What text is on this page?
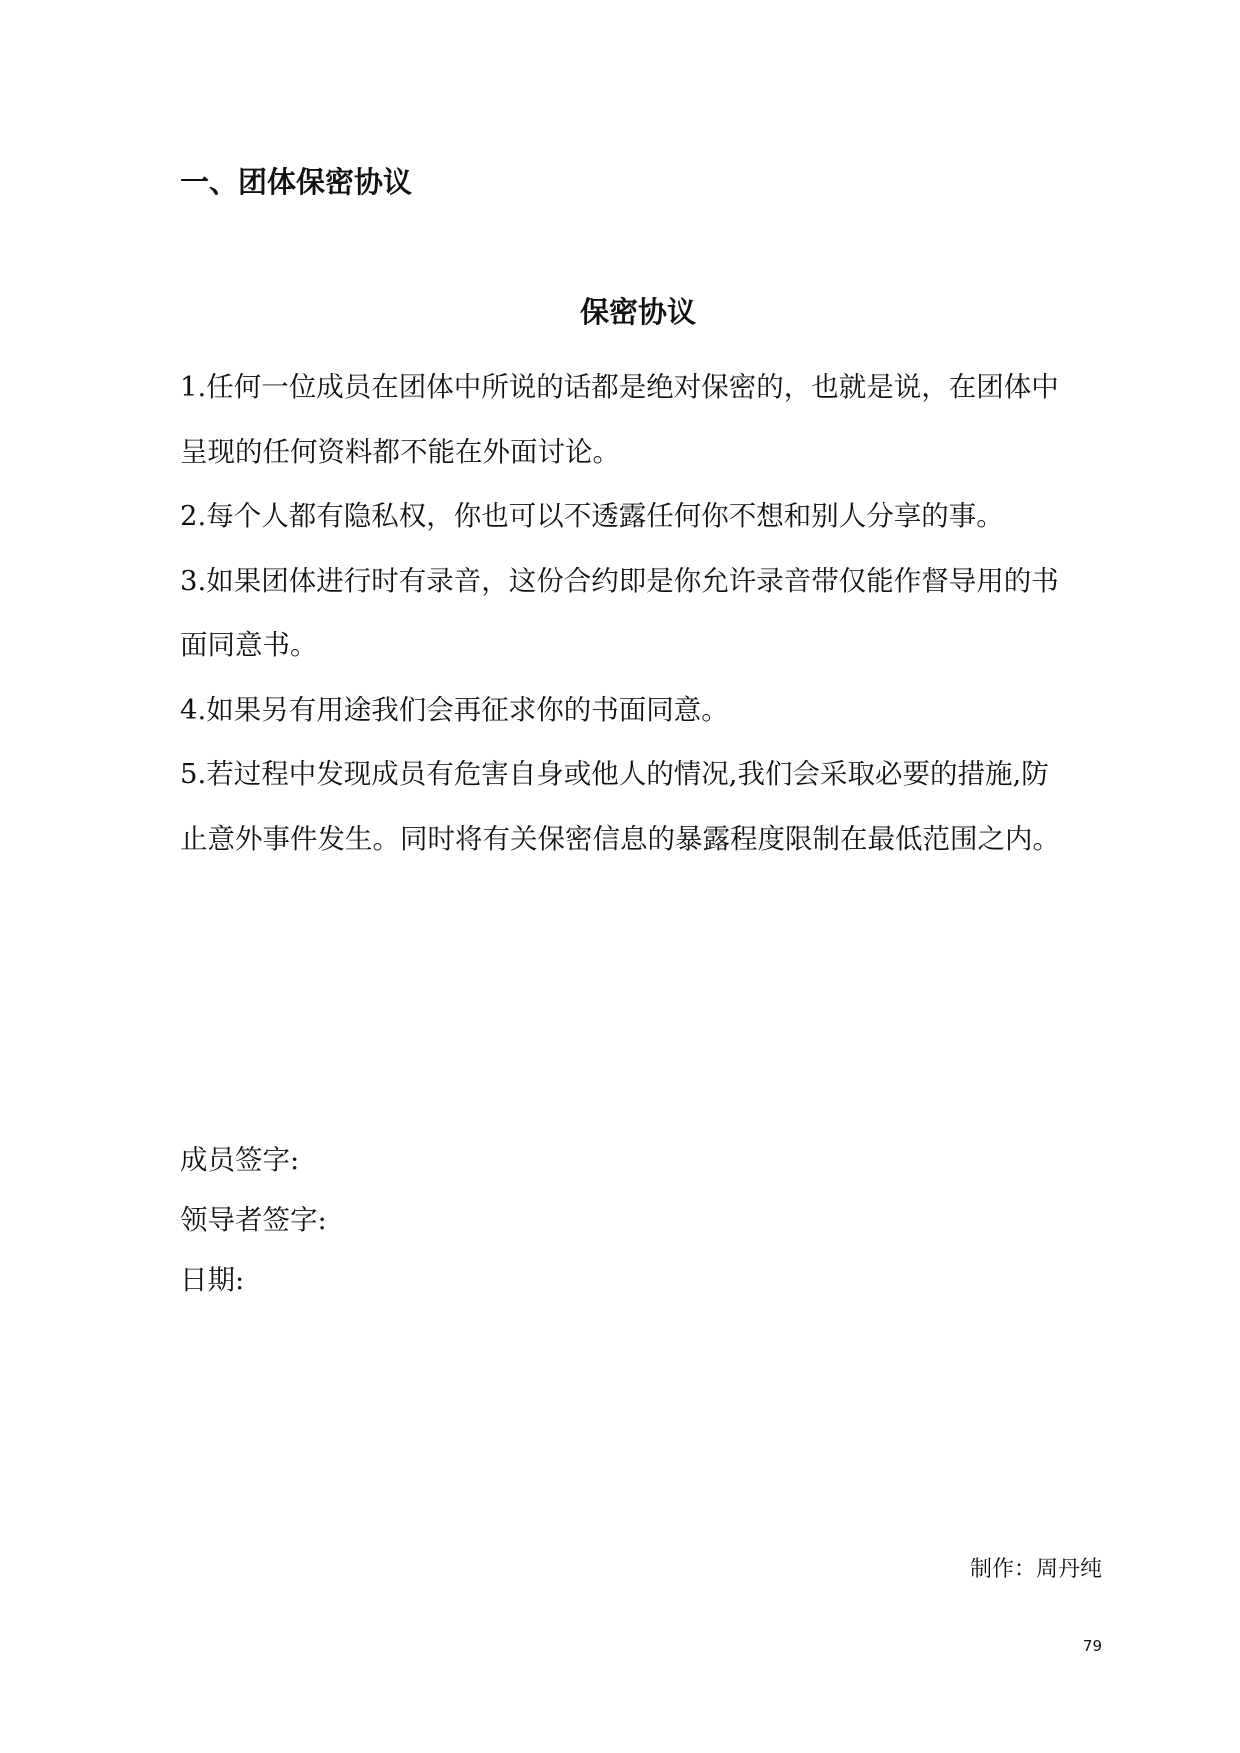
一、团体保密协议
保密协议

1.任何一位成员在团体中所说的话都是绝对保密的，也就是说，在团体中呈现的任何资料都不能在外面讨论。

2.每个人都有隐私权，你也可以不透露任何你不想和别人分享的事。

3.如果团体进行时有录音，这份合约即是你允许录音带仅能作督导用的书面同意书。

4.如果另有用途我们会再征求你的书面同意。

5.若过程中发现成员有危害自身或他人的情况,我们会采取必要的措施,防止意外事件发生。同时将有关保密信息的暴露程度限制在最低范围之内。

成员签字:

领导者签字:

日期:

制作：周丹纯
79
